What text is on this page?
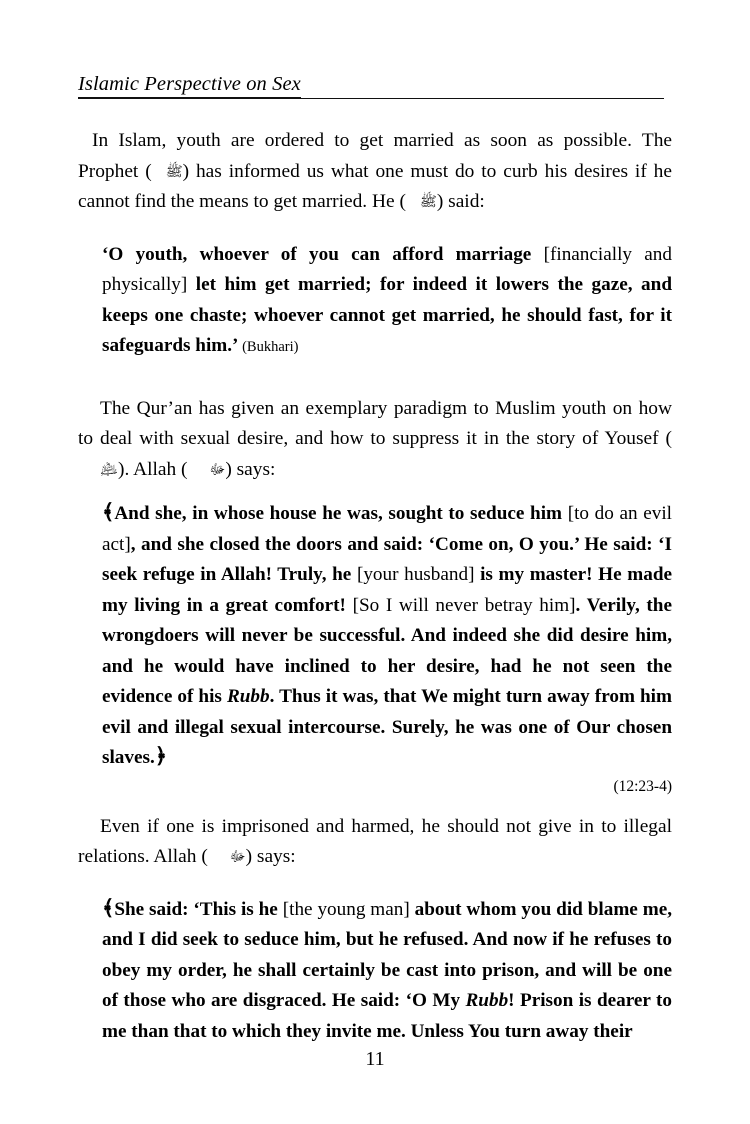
Islamic Perspective on Sex

In Islam, youth are ordered to get married as soon as possible. The Prophet ( ﷺ) has informed us what one must do to curb his desires if he cannot find the means to get married. He ( ﷺ) said:

‘O youth, whoever of you can afford marriage [financially and physically] let him get married; for indeed it lowers the gaze, and keeps one chaste; whoever cannot get married, he should fast, for it safeguards him.’ (Bukhari)

The Qur’an has given an exemplary paradigm to Muslim youth on how to deal with sexual desire, and how to suppress it in the story of Yousef (﵇). Allah ( ﷻ) says:

﴾And she, in whose house he was, sought to seduce him [to do an evil act], and she closed the doors and said: ‘Come on, O you.’ He said: ‘I seek refuge in Allah! Truly, he [your husband] is my master! He made my living in a great comfort! [So I will never betray him]. Verily, the wrongdoers will never be successful. And indeed she did desire him, and he would have inclined to her desire, had he not seen the evidence of his Rubb. Thus it was, that We might turn away from him evil and illegal sexual intercourse. Surely, he was one of Our chosen slaves.﴿

(12:23-4)

Even if one is imprisoned and harmed, he should not give in to illegal relations. Allah ( ﷻ) says:

﴾She said: ‘This is he [the young man] about whom you did blame me, and I did seek to seduce him, but he refused. And now if he refuses to obey my order, he shall certainly be cast into prison, and will be one of those who are disgraced. He said: ‘O My Rubb! Prison is dearer to me than that to which they invite me. Unless You turn away their
11
